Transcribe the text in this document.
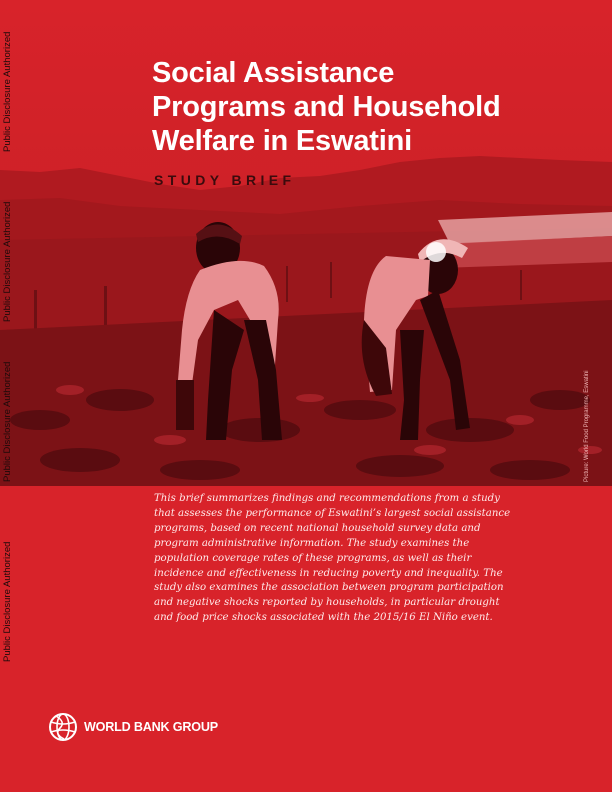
Public Disclosure Authorized
Social Assistance
Programs and Household
Welfare in Eswatini
STUDY BRIEF
Picture: World Food Programme, Eswatini

This brief summarizes findings and recommendations from a study that assesses the performance of Eswatini’s largest social assistance programs, based on recent national household survey data and program administrative information. The study examines the population coverage rates of these programs, as well as their incidence and effectiveness in reducing poverty and inequality. The study also examines the association between program participation and negative shocks reported by households, in particular drought and food price shocks associated with the 2015/16 El Niño event.

WORLD BANK GROUP
